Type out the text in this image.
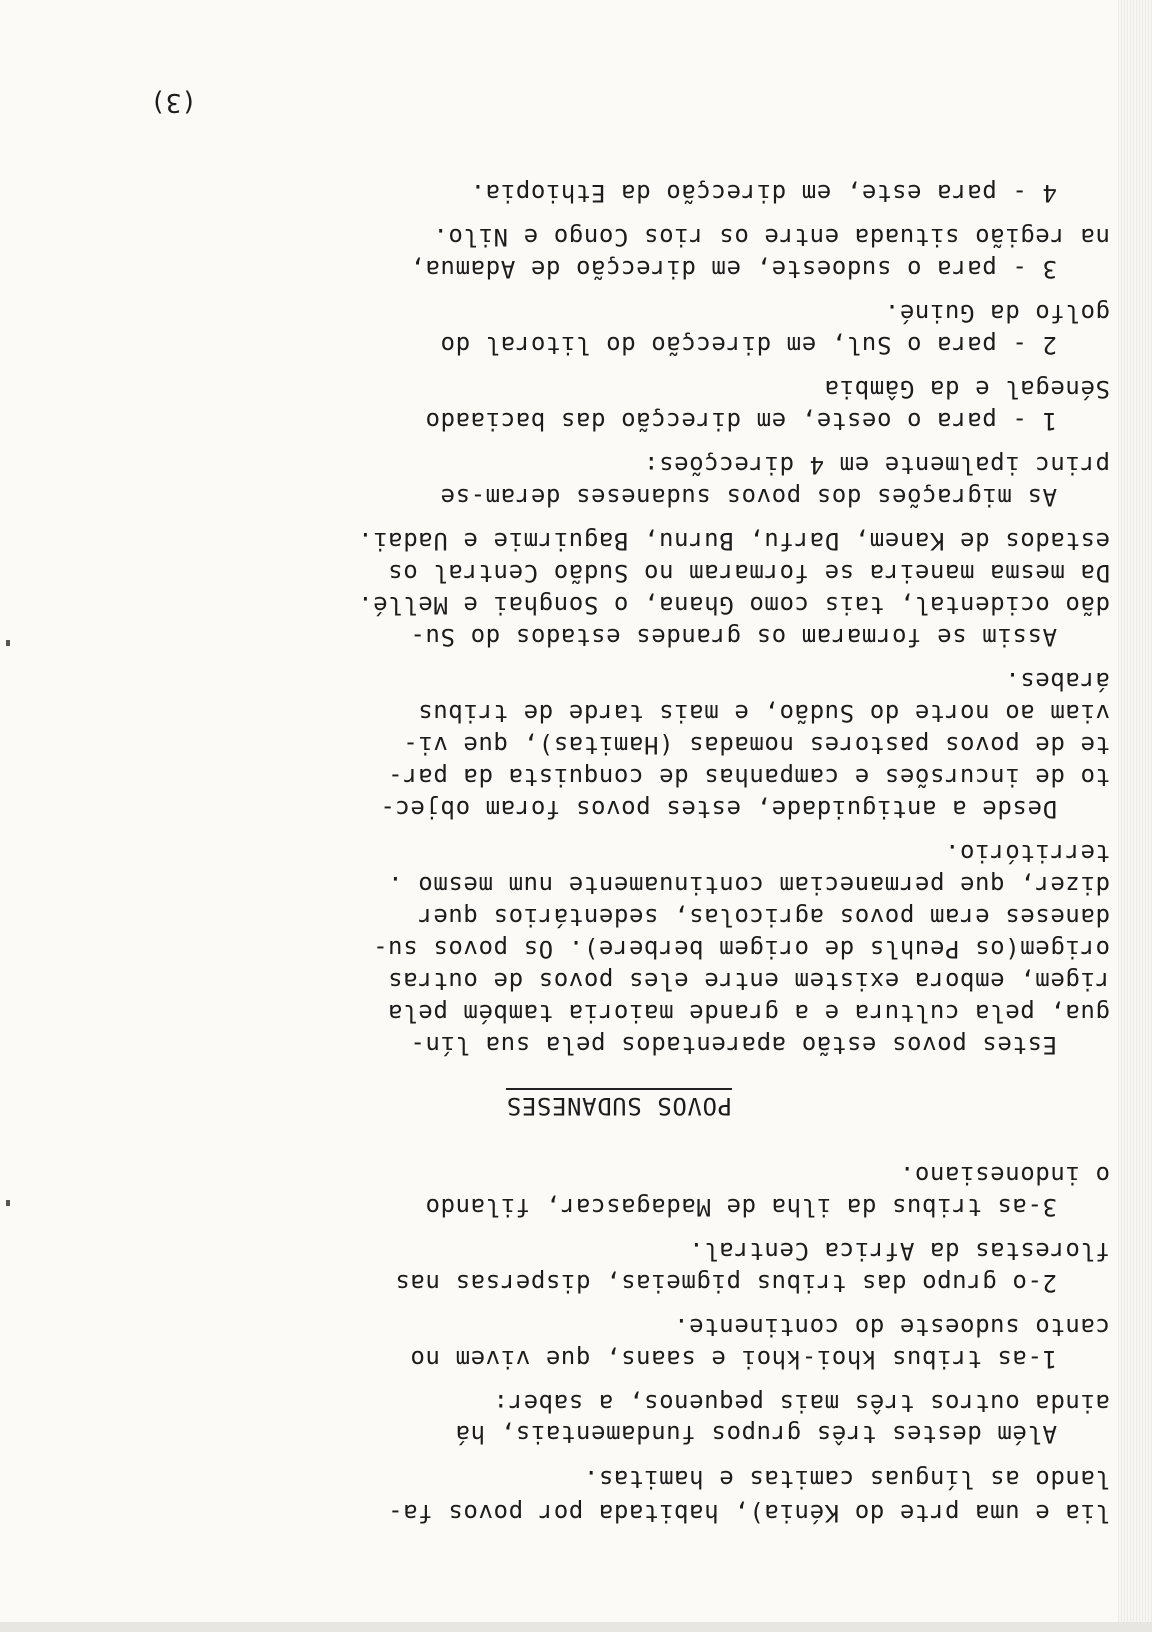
lia e uma prte do Kénia), habitada por povos fa-
lando as línguas camitas e hamitas.
Além destes três grupos fundamentais, há
ainda outros três mais pequenos, a saber:
1-as tribus khoi-khoi e saans, que vivem no
canto sudoeste do continente.
2-o grupo das tribus pigmeias, dispersas nas
florestas da Africa Central.
3-as tribus da ilha de Madagascar, filando
o indonesiano.
POVOS SUDANESES
Estes povos estão aparentados pela sua lín-
gua, pela cultura e a grande maioria também pela
rigem, embora existem entre eles povos de outras
origem(os Peuhls de origem berbere). Os povos su-
daneses eram povos agricolas, sedentários quer
dizer, que permaneciam continuamente num mesmo .
território.
Desde a antiguidade, estes povos foram objec-
to de incursões e campanhas de conquista da par-
te de povos pastores nomadas (Hamitas), que vi-
viam ao norte do Sudão, e mais tarde de tribus
árabes.
Assim se formaram os grandes estados do Su-
dão ocidental, tais como Ghana, o Songhai e Mellé.
Da mesma maneira se formaram no Sudão Central os
estados de Kanem, Darfu, Burnu, Baguirmie e Uadai.
As migrações dos povos sudaneses deram-se
princ ipalmente em 4 direcções:
1 - para o oeste, em direcção das baciaado
Sénegal e da Gâmbia
2 - para o Sul, em direcção do litoral do
golfo da Guiné.
3 - para o sudoeste, em direcção de Adamua,
na região situada entre os rios Congo e Nilo.
4 - para este, em direcção da Ethiopia.
(3)
